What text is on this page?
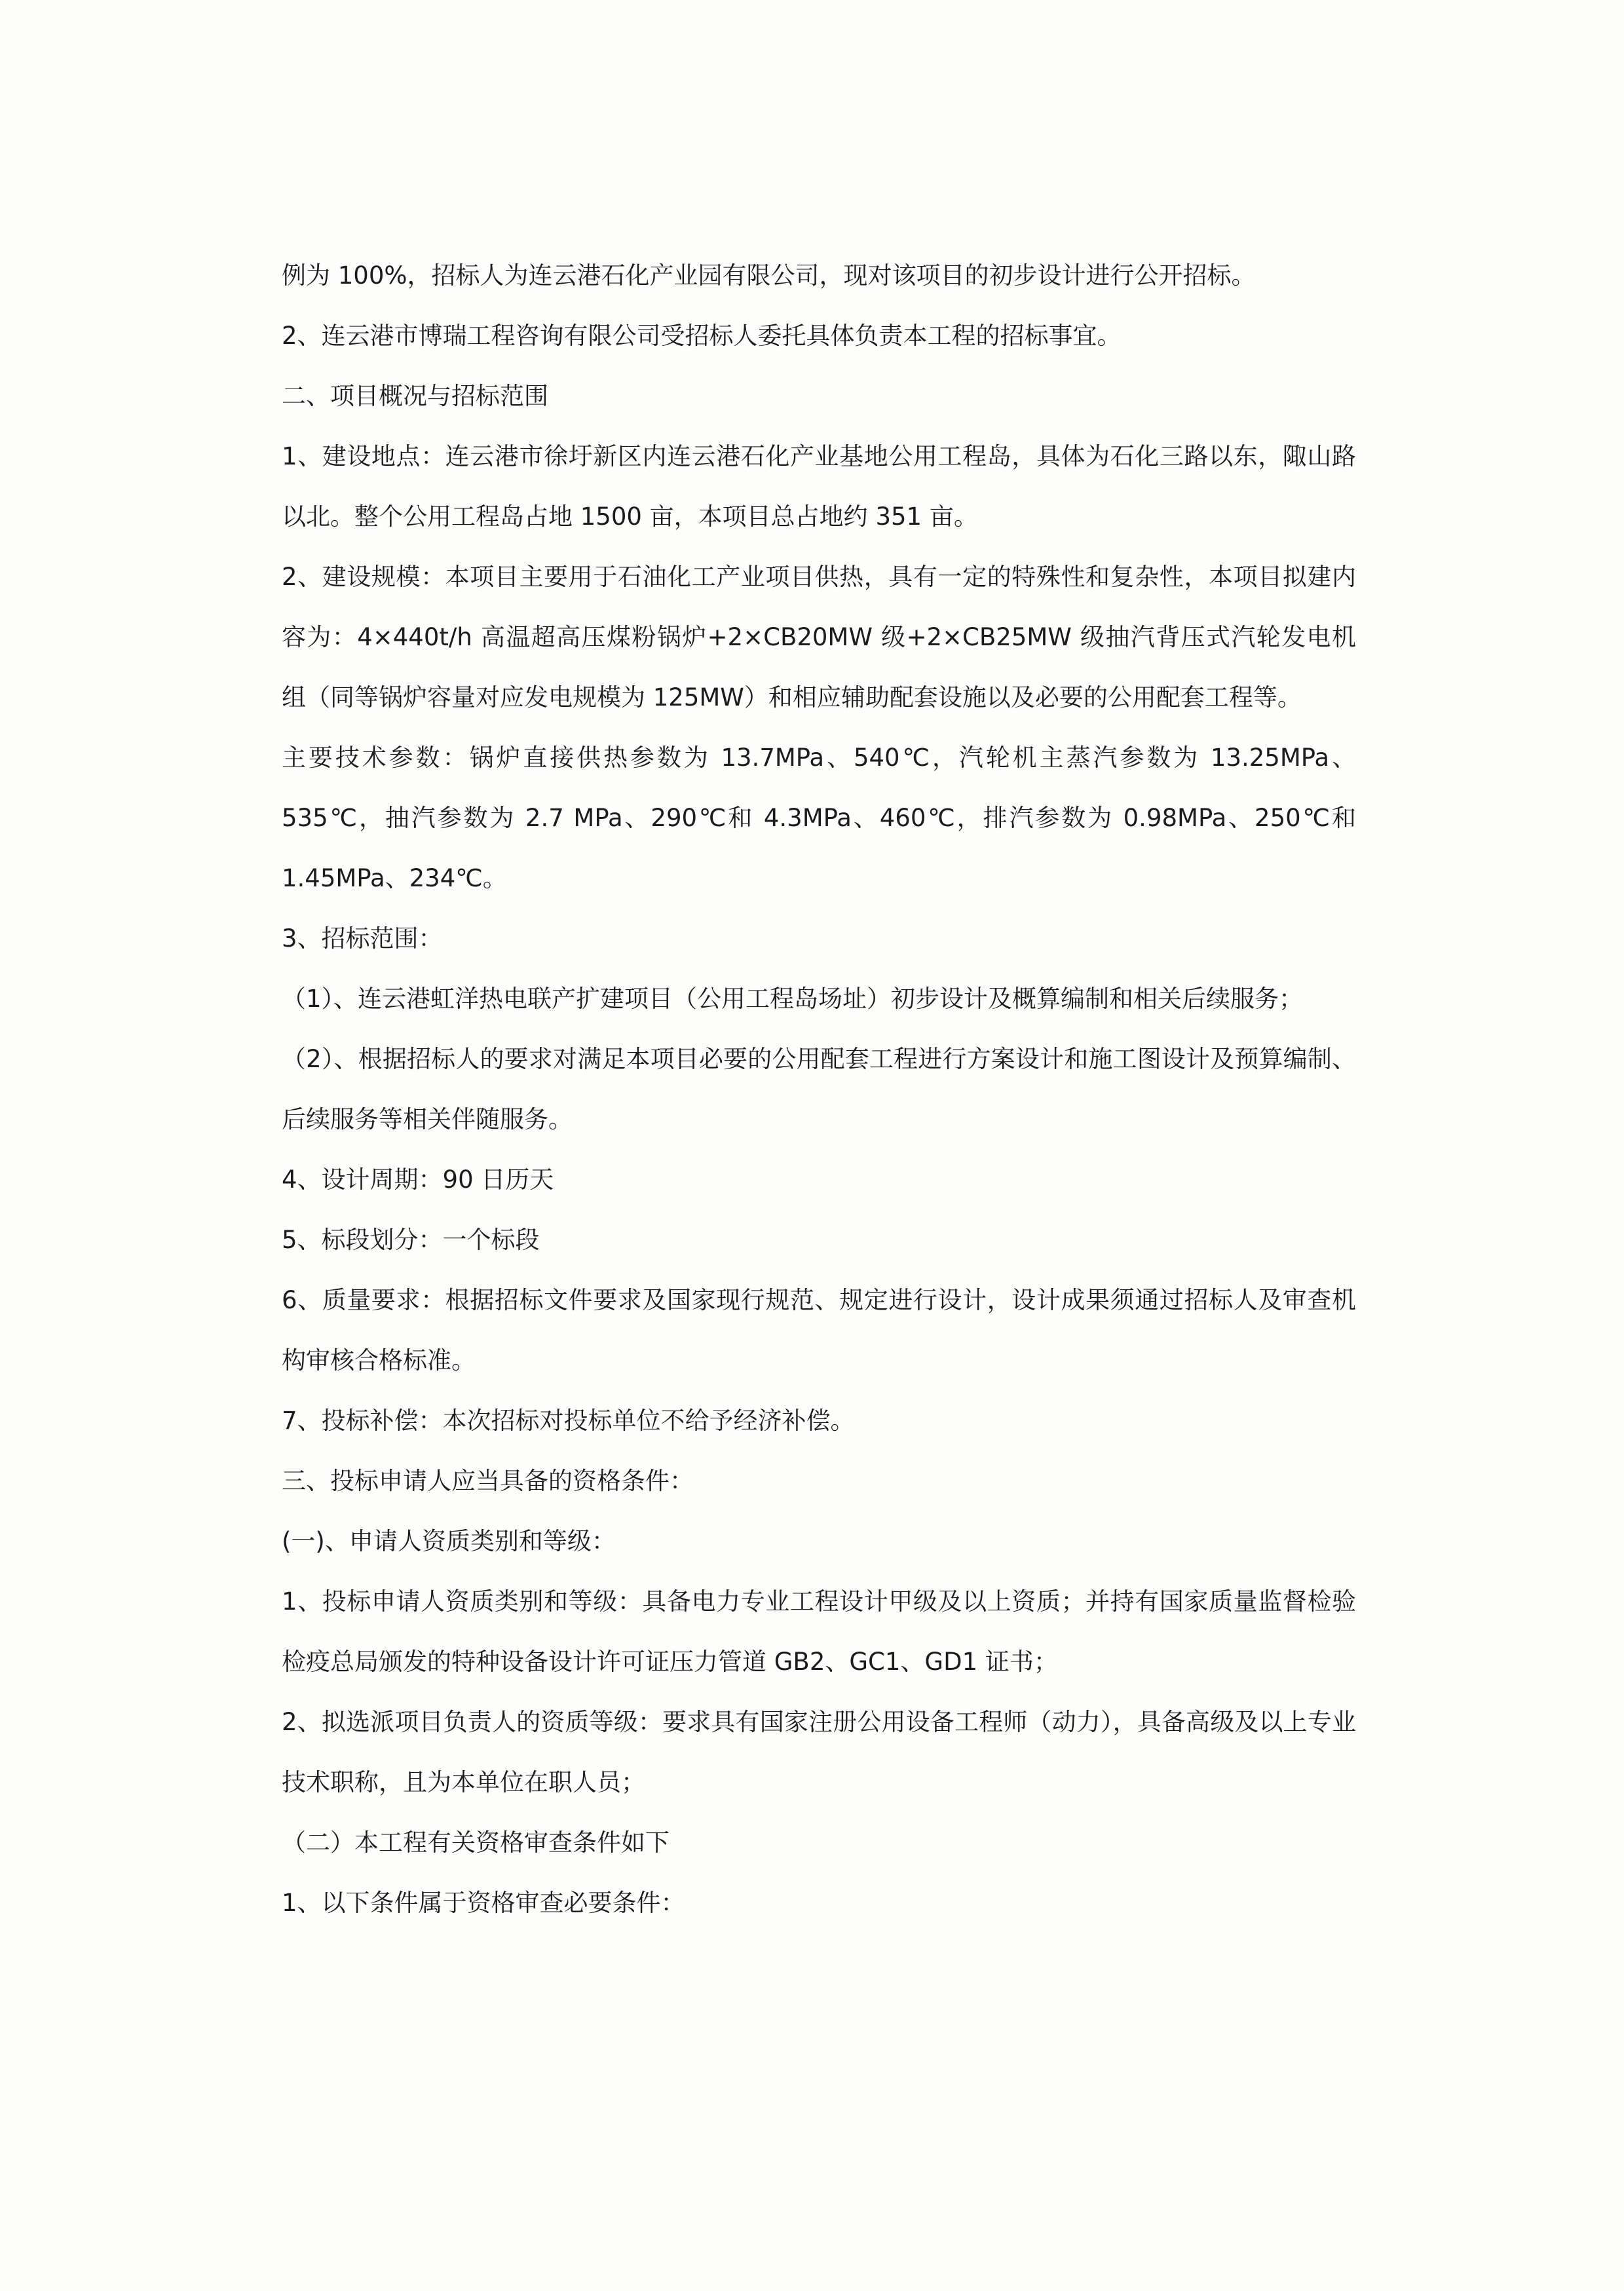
例为 100%，招标人为连云港石化产业园有限公司，现对该项目的初步设计进行公开招标。

2、连云港市博瑞工程咨询有限公司受招标人委托具体负责本工程的招标事宜。

二、项目概况与招标范围

1、建设地点：连云港市徐圩新区内连云港石化产业基地公用工程岛，具体为石化三路以东，陬山路以北。整个公用工程岛占地 1500 亩，本项目总占地约 351 亩。

2、建设规模：本项目主要用于石油化工产业项目供热，具有一定的特殊性和复杂性，本项目拟建内容为：4×440t/h 高温超高压煤粉锅炉+2×CB20MW 级+2×CB25MW 级抽汽背压式汽轮发电机组（同等锅炉容量对应发电规模为 125MW）和相应辅助配套设施以及必要的公用配套工程等。

主要技术参数：锅炉直接供热参数为 13.7MPa、540℃，汽轮机主蒸汽参数为 13.25MPa、535℃，抽汽参数为 2.7 MPa、290℃和 4.3MPa、460℃，排汽参数为 0.98MPa、250℃和 1.45MPa、234℃。

3、招标范围：

（1）、连云港虹洋热电联产扩建项目（公用工程岛场址）初步设计及概算编制和相关后续服务；

（2）、根据招标人的要求对满足本项目必要的公用配套工程进行方案设计和施工图设计及预算编制、后续服务等相关伴随服务。

4、设计周期：90 日历天

5、标段划分：一个标段

6、质量要求：根据招标文件要求及国家现行规范、规定进行设计，设计成果须通过招标人及审查机构审核合格标准。

7、投标补偿：本次招标对投标单位不给予经济补偿。

三、投标申请人应当具备的资格条件：

(一)、申请人资质类别和等级：

1、投标申请人资质类别和等级：具备电力专业工程设计甲级及以上资质；并持有国家质量监督检验检疫总局颁发的特种设备设计许可证压力管道 GB2、GC1、GD1 证书；

2、拟选派项目负责人的资质等级：要求具有国家注册公用设备工程师（动力），具备高级及以上专业技术职称，且为本单位在职人员；

（二）本工程有关资格审查条件如下

1、以下条件属于资格审查必要条件：
